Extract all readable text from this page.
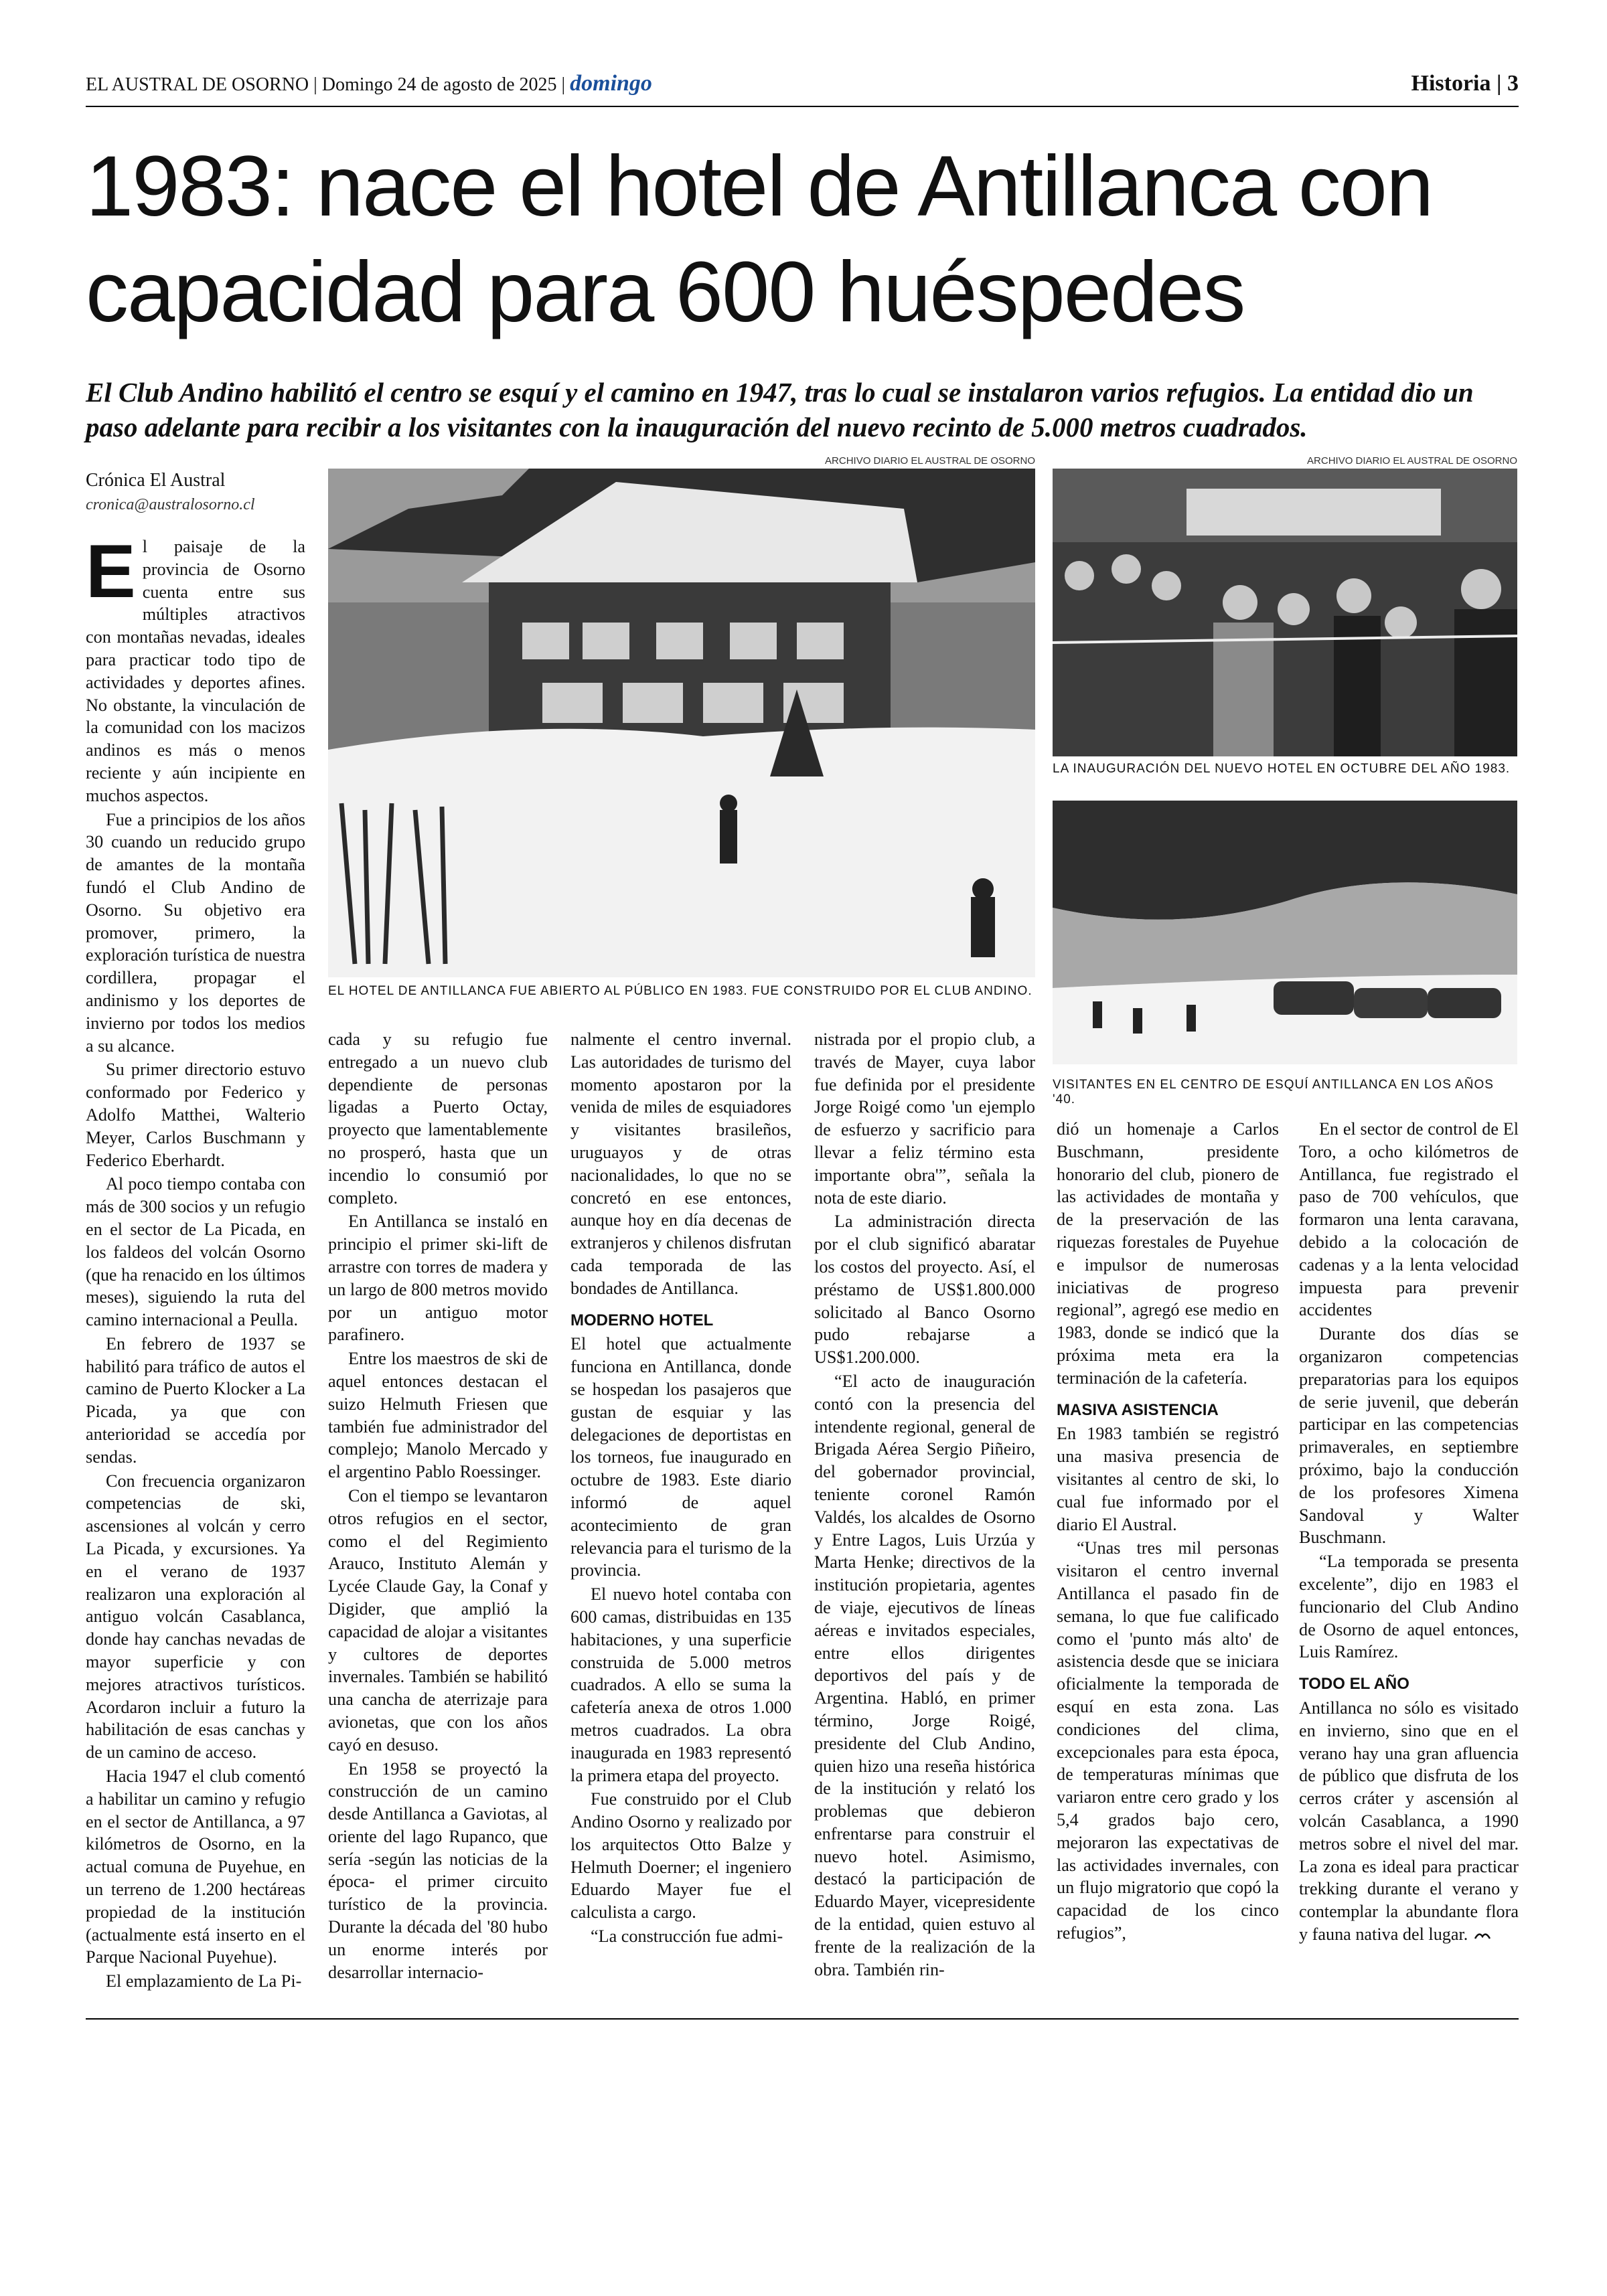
EL AUSTRAL DE OSORNO | Domingo 24 de agosto de 2025 | domingo	Historia | 3
1983: nace el hotel de Antillanca con capacidad para 600 huéspedes

El Club Andino habilitó el centro se esquí y el camino en 1947, tras lo cual se instalaron varios refugios. La entidad dio un paso adelante para recibir a los visitantes con la inauguración del nuevo recinto de 5.000 metros cuadrados.

Crónica El Austral
cronica@australosorno.cl
ARCHIVO DIARIO EL AUSTRAL DE OSORNO
EL HOTEL DE ANTILLANCA FUE ABIERTO AL PÚBLICO EN 1983. FUE CONSTRUIDO POR EL CLUB ANDINO.
ARCHIVO DIARIO EL AUSTRAL DE OSORNO
LA INAUGURACIÓN DEL NUEVO HOTEL EN OCTUBRE DEL AÑO 1983.
VISITANTES EN EL CENTRO DE ESQUÍ ANTILLANCA EN LOS AÑOS '40.

El paisaje de la provincia de Osorno cuenta entre sus múltiples atractivos con montañas nevadas, ideales para practicar todo tipo de actividades y deportes afines. No obstante, la vinculación de la comunidad con los macizos andinos es más o menos reciente y aún incipiente en muchos aspectos.

Fue a principios de los años 30 cuando un reducido grupo de amantes de la montaña fundó el Club Andino de Osorno. Su objetivo era promover, primero, la exploración turística de nuestra cordillera, propagar el andinismo y los deportes de invierno por todos los medios a su alcance.

Su primer directorio estuvo conformado por Federico y Adolfo Matthei, Walterio Meyer, Carlos Buschmann y Federico Eberhardt.

Al poco tiempo contaba con más de 300 socios y un refugio en el sector de La Picada, en los faldeos del volcán Osorno (que ha renacido en los últimos meses), siguiendo la ruta del camino internacional a Peulla.

En febrero de 1937 se habilitó para tráfico de autos el camino de Puerto Klocker a La Picada, ya que con anterioridad se accedía por sendas.

Con frecuencia organizaron competencias de ski, ascensiones al volcán y cerro La Picada, y excursiones. Ya en el verano de 1937 realizaron una exploración al antiguo volcán Casablanca, donde hay canchas nevadas de mayor superficie y con mejores atractivos turísticos. Acordaron incluir a futuro la habilitación de esas canchas y de un camino de acceso.

Hacia 1947 el club comentó a habilitar un camino y refugio en el sector de Antillanca, a 97 kilómetros de Osorno, en la actual comuna de Puyehue, en un terreno de 1.200 hectáreas propiedad de la institución (actualmente está inserto en el Parque Nacional Puyehue).

El emplazamiento de La Pi-

cada y su refugio fue entregado a un nuevo club dependiente de personas ligadas a Puerto Octay, proyecto que lamentablemente no prosperó, hasta que un incendio lo consumió por completo.

En Antillanca se instaló en principio el primer ski-lift de arrastre con torres de madera y un largo de 800 metros movido por un antiguo motor parafinero.

Entre los maestros de ski de aquel entonces destacan el suizo Helmuth Friesen que también fue administrador del complejo; Manolo Mercado y el argentino Pablo Roessinger.

Con el tiempo se levantaron otros refugios en el sector, como el del Regimiento Arauco, Instituto Alemán y Lycée Claude Gay, la Conaf y Digider, que amplió la capacidad de alojar a visitantes y cultores de deportes invernales. También se habilitó una cancha de aterrizaje para avionetas, que con los años cayó en desuso.

En 1958 se proyectó la construcción de un camino desde Antillanca a Gaviotas, al oriente del lago Rupanco, que sería -según las noticias de la época- el primer circuito turístico de la provincia. Durante la década del '80 hubo un enorme interés por desarrollar internacio-

nalmente el centro invernal. Las autoridades de turismo del momento apostaron por la venida de miles de esquiadores y visitantes brasileños, uruguayos y de otras nacionalidades, lo que no se concretó en ese entonces, aunque hoy en día decenas de extranjeros y chilenos disfrutan cada temporada de las bondades de Antillanca.

MODERNO HOTEL

El hotel que actualmente funciona en Antillanca, donde se hospedan los pasajeros que gustan de esquiar y las delegaciones de deportistas en los torneos, fue inaugurado en octubre de 1983. Este diario informó de aquel acontecimiento de gran relevancia para el turismo de la provincia.

El nuevo hotel contaba con 600 camas, distribuidas en 135 habitaciones, y una superficie construida de 5.000 metros cuadrados. A ello se suma la cafetería anexa de otros 1.000 metros cuadrados. La obra inaugurada en 1983 representó la primera etapa del proyecto.

Fue construido por el Club Andino Osorno y realizado por los arquitectos Otto Balze y Helmuth Doerner; el ingeniero Eduardo Mayer fue el calculista a cargo.

“La construcción fue admi-

nistrada por el propio club, a través de Mayer, cuya labor fue definida por el presidente Jorge Roigé como 'un ejemplo de esfuerzo y sacrificio para llevar a feliz término esta importante obra'”, señala la nota de este diario.

La administración directa por el club significó abaratar los costos del proyecto. Así, el préstamo de US$1.800.000 solicitado al Banco Osorno pudo rebajarse a US$1.200.000.

“El acto de inauguración contó con la presencia del intendente regional, general de Brigada Aérea Sergio Piñeiro, del gobernador provincial, teniente coronel Ramón Valdés, los alcaldes de Osorno y Entre Lagos, Luis Urzúa y Marta Henke; directivos de la institución propietaria, agentes de viaje, ejecutivos de líneas aéreas e invitados especiales, entre ellos dirigentes deportivos del país y de Argentina. Habló, en primer término, Jorge Roigé, presidente del Club Andino, quien hizo una reseña histórica de la institución y relató los problemas que debieron enfrentarse para construir el nuevo hotel. Asimismo, destacó la participación de Eduardo Mayer, vicepresidente de la entidad, quien estuvo al frente de la realización de la obra. También rin-

dió un homenaje a Carlos Buschmann, presidente honorario del club, pionero de las actividades de montaña y de la preservación de las riquezas forestales de Puyehue e impulsor de numerosas iniciativas de progreso regional”, agregó ese medio en 1983, donde se indicó que la próxima meta era la terminación de la cafetería.

MASIVA ASISTENCIA

En 1983 también se registró una masiva presencia de visitantes al centro de ski, lo cual fue informado por el diario El Austral.

“Unas tres mil personas visitaron el centro invernal Antillanca el pasado fin de semana, lo que fue calificado como el 'punto más alto' de asistencia desde que se iniciara oficialmente la temporada de esquí en esta zona. Las condiciones del clima, excepcionales para esta época, de temperaturas mínimas que variaron entre cero grado y los 5,4 grados bajo cero, mejoraron las expectativas de las actividades invernales, con un flujo migratorio que copó la capacidad de los cinco refugios”,

En el sector de control de El Toro, a ocho kilómetros de Antillanca, fue registrado el paso de 700 vehículos, que formaron una lenta caravana, debido a la colocación de cadenas y a la lenta velocidad impuesta para prevenir accidentes

Durante dos días se organizaron competencias preparatorias para los equipos de serie juvenil, que deberán participar en las competencias primaverales, en septiembre próximo, bajo la conducción de los profesores Ximena Sandoval y Walter Buschmann.

“La temporada se presenta excelente”, dijo en 1983 el funcionario del Club Andino de Osorno de aquel entonces, Luis Ramírez.

TODO EL AÑO

Antillanca no sólo es visitado en invierno, sino que en el verano hay una gran afluencia de público que disfruta de los cerros cráter y ascensión al volcán Casablanca, a 1990 metros sobre el nivel del mar. La zona es ideal para practicar trekking durante el verano y contemplar la abundante flora y fauna nativa del lugar.
